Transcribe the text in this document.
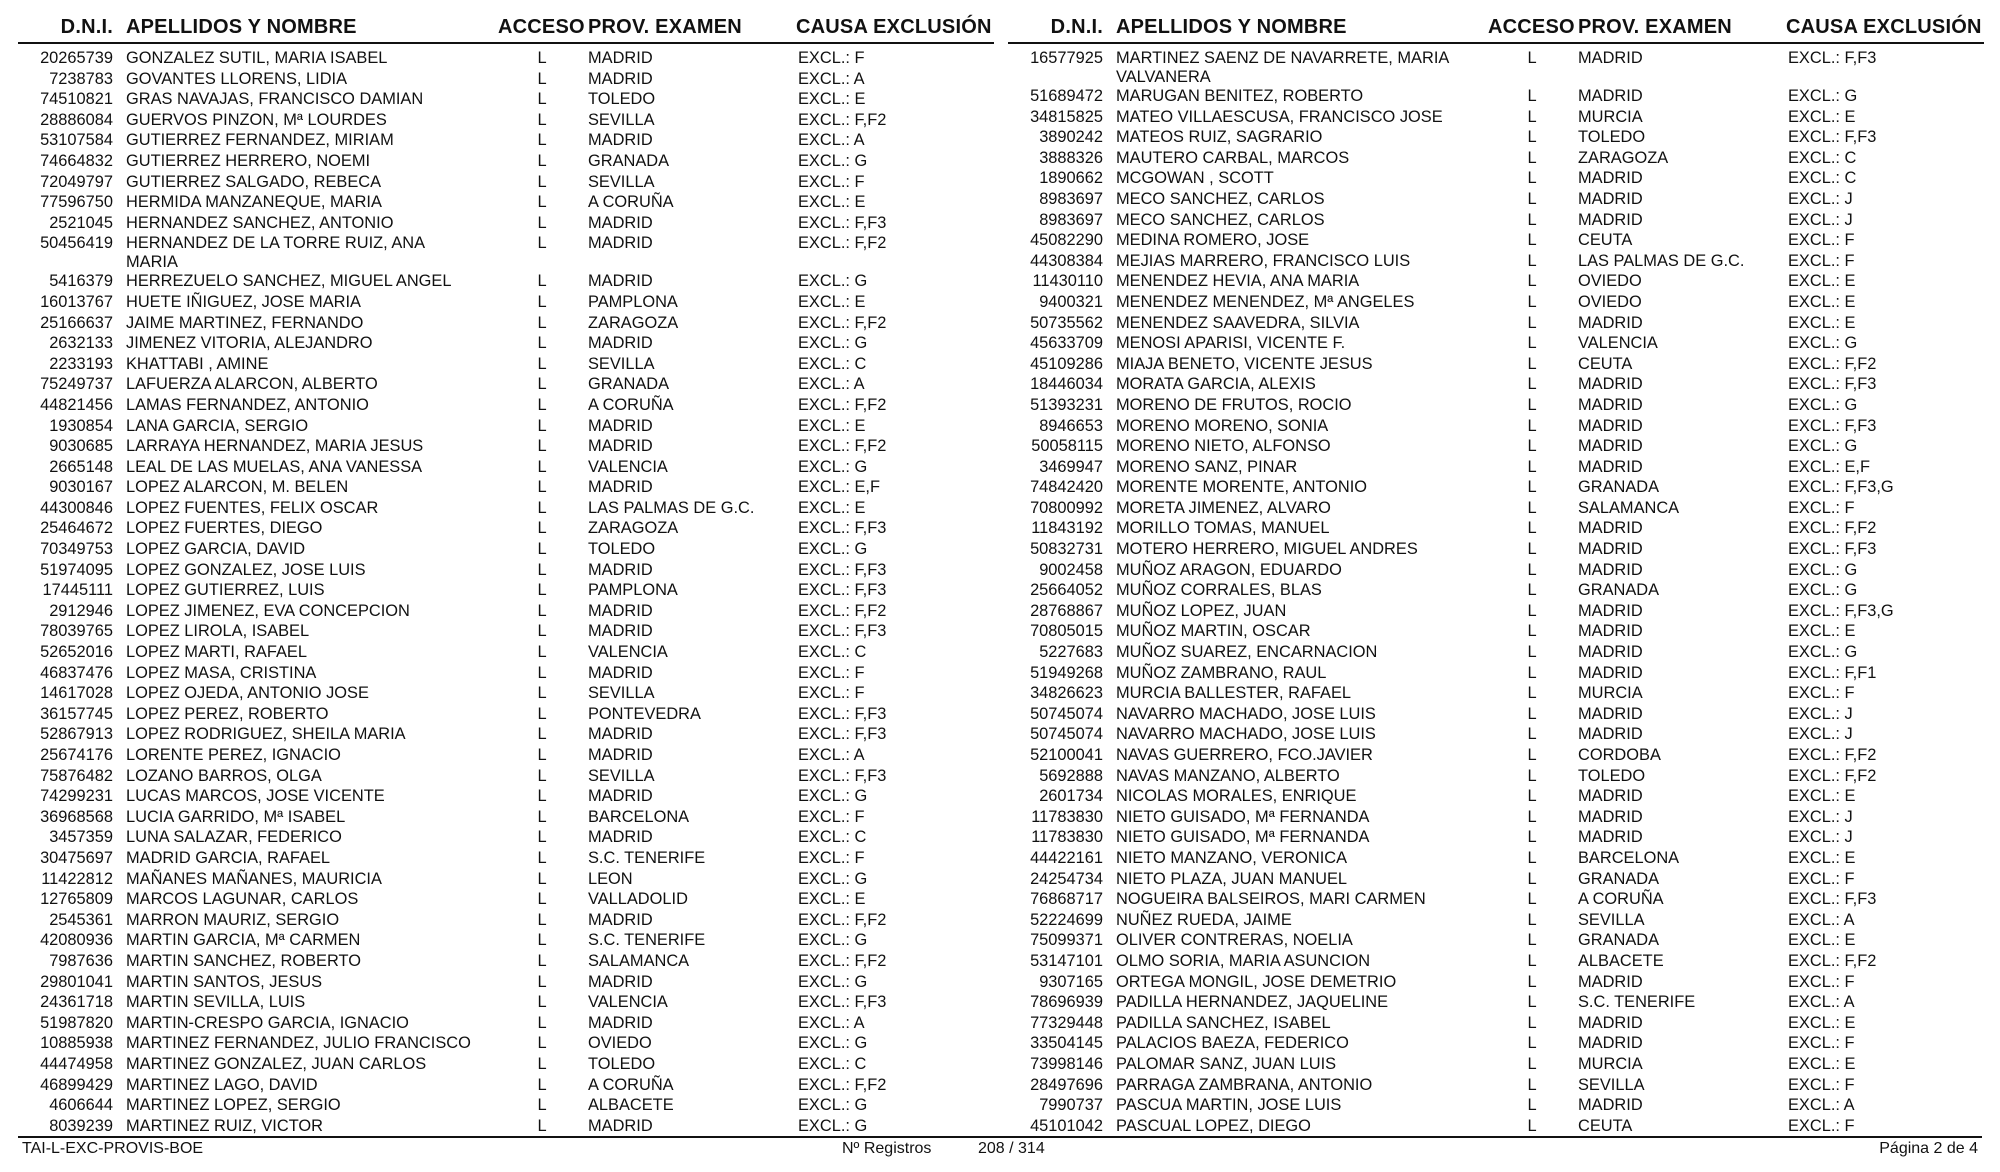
D.N.I. APELLIDOS Y NOMBRE	ACCESO PROV. EXAMEN	CAUSA EXCLUSIÓN
20265739 GONZALEZ SUTIL, MARIA ISABEL	L	MADRID	EXCL.: F
7238783 GOVANTES LLORENS, LIDIA	L	MADRID	EXCL.: A
74510821 GRAS NAVAJAS, FRANCISCO DAMIAN	L	TOLEDO	EXCL.: E
28886084 GUERVOS PINZON, Mª LOURDES	L	SEVILLA	EXCL.: F,F2
53107584 GUTIERREZ FERNANDEZ, MIRIAM	L	MADRID	EXCL.: A
74664832 GUTIERREZ HERRERO, NOEMI	L	GRANADA	EXCL.: G
72049797 GUTIERREZ SALGADO, REBECA	L	SEVILLA	EXCL.: F
77596750 HERMIDA MANZANEQUE, MARIA	L	A CORUÑA	EXCL.: E
2521045 HERNANDEZ SANCHEZ, ANTONIO	L	MADRID	EXCL.: F,F3
50456419 HERNANDEZ DE LA TORRE RUIZ, ANA MARIA
L	MADRID	EXCL.: F,F2
5416379 HERREZUELO SANCHEZ, MIGUEL ANGEL	L	MADRID	EXCL.: G
16013767 HUETE IÑIGUEZ, JOSE MARIA	L	PAMPLONA	EXCL.: E
25166637 JAIME MARTINEZ, FERNANDO	L	ZARAGOZA	EXCL.: F,F2
2632133 JIMENEZ VITORIA, ALEJANDRO	L	MADRID	EXCL.: G
2233193 KHATTABI , AMINE	L	SEVILLA	EXCL.: C
75249737 LAFUERZA ALARCON, ALBERTO	L	GRANADA	EXCL.: A
44821456 LAMAS FERNANDEZ, ANTONIO	L	A CORUÑA	EXCL.: F,F2
1930854 LANA GARCIA, SERGIO	L	MADRID	EXCL.: E
9030685 LARRAYA HERNANDEZ, MARIA JESUS	L	MADRID	EXCL.: F,F2
2665148 LEAL DE LAS MUELAS, ANA VANESSA	L	VALENCIA	EXCL.: G
9030167 LOPEZ ALARCON, M. BELEN	L	MADRID	EXCL.: E,F
44300846 LOPEZ FUENTES, FELIX OSCAR	L	LAS PALMAS DE G.C.	EXCL.: E
25464672 LOPEZ FUERTES, DIEGO	L	ZARAGOZA	EXCL.: F,F3
70349753 LOPEZ GARCIA, DAVID	L	TOLEDO	EXCL.: G
51974095 LOPEZ GONZALEZ, JOSE LUIS	L	MADRID	EXCL.: F,F3
17445111 LOPEZ GUTIERREZ, LUIS	L	PAMPLONA	EXCL.: F,F3
2912946 LOPEZ JIMENEZ, EVA CONCEPCION	L	MADRID	EXCL.: F,F2
78039765 LOPEZ LIROLA, ISABEL	L	MADRID	EXCL.: F,F3
52652016 LOPEZ MARTI, RAFAEL	L	VALENCIA	EXCL.: C
46837476 LOPEZ MASA, CRISTINA	L	MADRID	EXCL.: F
14617028 LOPEZ OJEDA, ANTONIO JOSE	L	SEVILLA	EXCL.: F
36157745 LOPEZ PEREZ, ROBERTO	L	PONTEVEDRA	EXCL.: F,F3
52867913 LOPEZ RODRIGUEZ, SHEILA MARIA	L	MADRID	EXCL.: F,F3
25674176 LORENTE PEREZ, IGNACIO	L	MADRID	EXCL.: A
75876482 LOZANO BARROS, OLGA	L	SEVILLA	EXCL.: F,F3
74299231 LUCAS MARCOS, JOSE VICENTE	L	MADRID	EXCL.: G
36968568 LUCIA GARRIDO, Mª ISABEL	L	BARCELONA	EXCL.: F
3457359 LUNA SALAZAR, FEDERICO	L	MADRID	EXCL.: C
30475697 MADRID GARCIA, RAFAEL	L	S.C. TENERIFE	EXCL.: F
11422812 MAÑANES MAÑANES, MAURICIA	L	LEON	EXCL.: G
12765809 MARCOS LAGUNAR, CARLOS	L	VALLADOLID	EXCL.: E
2545361 MARRON MAURIZ, SERGIO	L	MADRID	EXCL.: F,F2
42080936 MARTIN GARCIA, Mª CARMEN	L	S.C. TENERIFE	EXCL.: G
7987636 MARTIN SANCHEZ, ROBERTO	L	SALAMANCA	EXCL.: F,F2
29801041 MARTIN SANTOS, JESUS	L	MADRID	EXCL.: G
24361718 MARTIN SEVILLA, LUIS	L	VALENCIA	EXCL.: F,F3
51987820 MARTIN-CRESPO GARCIA, IGNACIO	L	MADRID	EXCL.: A
10885938 MARTINEZ FERNANDEZ, JULIO FRANCISCO	L	OVIEDO	EXCL.: G
44474958 MARTINEZ GONZALEZ, JUAN CARLOS	L	TOLEDO	EXCL.: C
46899429 MARTINEZ LAGO, DAVID	L	A CORUÑA	EXCL.: F,F2
4606644 MARTINEZ LOPEZ, SERGIO	L	ALBACETE	EXCL.: G
8039239 MARTINEZ RUIZ, VICTOR	L	MADRID	EXCL.: G
D.N.I. APELLIDOS Y NOMBRE	ACCESO PROV. EXAMEN	CAUSA EXCLUSIÓN
16577925 MARTINEZ SAENZ DE NAVARRETE, MARIA VALVANERA
L	MADRID	EXCL.: F,F3
51689472 MARUGAN BENITEZ, ROBERTO	L	MADRID	EXCL.: G
34815825 MATEO VILLAESCUSA, FRANCISCO JOSE	L	MURCIA	EXCL.: E
3890242 MATEOS RUIZ, SAGRARIO	L	TOLEDO	EXCL.: F,F3
3888326 MAUTERO CARBAL, MARCOS	L	ZARAGOZA	EXCL.: C
1890662 MCGOWAN , SCOTT	L	MADRID	EXCL.: C
8983697 MECO SANCHEZ, CARLOS	L	MADRID	EXCL.: J
8983697 MECO SANCHEZ, CARLOS	L	MADRID	EXCL.: J
45082290 MEDINA ROMERO, JOSE	L	CEUTA	EXCL.: F
44308384 MEJIAS MARRERO, FRANCISCO LUIS	L	LAS PALMAS DE G.C.	EXCL.: F
11430110 MENENDEZ HEVIA, ANA MARIA	L	OVIEDO	EXCL.: E
9400321 MENENDEZ MENENDEZ, Mª ANGELES	L	OVIEDO	EXCL.: E
50735562 MENENDEZ SAAVEDRA, SILVIA	L	MADRID	EXCL.: E
45633709 MENOSI APARISI, VICENTE F.	L	VALENCIA	EXCL.: G
45109286 MIAJA BENETO, VICENTE JESUS	L	CEUTA	EXCL.: F,F2
18446034 MORATA GARCIA, ALEXIS	L	MADRID	EXCL.: F,F3
51393231 MORENO DE FRUTOS, ROCIO	L	MADRID	EXCL.: G
8946653 MORENO MORENO, SONIA	L	MADRID	EXCL.: F,F3
50058115 MORENO NIETO, ALFONSO	L	MADRID	EXCL.: G
3469947 MORENO SANZ, PINAR	L	MADRID	EXCL.: E,F
74842420 MORENTE MORENTE, ANTONIO	L	GRANADA	EXCL.: F,F3,G
70800992 MORETA JIMENEZ, ALVARO	L	SALAMANCA	EXCL.: F
11843192 MORILLO TOMAS, MANUEL	L	MADRID	EXCL.: F,F2
50832731 MOTERO HERRERO, MIGUEL ANDRES	L	MADRID	EXCL.: F,F3
9002458 MUÑOZ ARAGON, EDUARDO	L	MADRID	EXCL.: G
25664052 MUÑOZ CORRALES, BLAS	L	GRANADA	EXCL.: G
28768867 MUÑOZ LOPEZ, JUAN	L	MADRID	EXCL.: F,F3,G
70805015 MUÑOZ MARTIN, OSCAR	L	MADRID	EXCL.: E
5227683 MUÑOZ SUAREZ, ENCARNACION	L	MADRID	EXCL.: G
51949268 MUÑOZ ZAMBRANO, RAUL	L	MADRID	EXCL.: F,F1
34826623 MURCIA BALLESTER, RAFAEL	L	MURCIA	EXCL.: F
50745074 NAVARRO MACHADO, JOSE LUIS	L	MADRID	EXCL.: J
50745074 NAVARRO MACHADO, JOSE LUIS	L	MADRID	EXCL.: J
52100041 NAVAS GUERRERO, FCO.JAVIER	L	CORDOBA	EXCL.: F,F2
5692888 NAVAS MANZANO, ALBERTO	L	TOLEDO	EXCL.: F,F2
2601734 NICOLAS MORALES, ENRIQUE	L	MADRID	EXCL.: E
11783830 NIETO GUISADO, Mª FERNANDA	L	MADRID	EXCL.: J
11783830 NIETO GUISADO, Mª FERNANDA	L	MADRID	EXCL.: J
44422161 NIETO MANZANO, VERONICA	L	BARCELONA	EXCL.: E
24254734 NIETO PLAZA, JUAN MANUEL	L	GRANADA	EXCL.: F
76868717 NOGUEIRA BALSEIROS, MARI CARMEN	L	A CORUÑA	EXCL.: F,F3
52224699 NUÑEZ RUEDA, JAIME	L	SEVILLA	EXCL.: A
75099371 OLIVER CONTRERAS, NOELIA	L	GRANADA	EXCL.: E
53147101 OLMO SORIA, MARIA ASUNCION	L	ALBACETE	EXCL.: F,F2
9307165 ORTEGA MONGIL, JOSE DEMETRIO	L	MADRID	EXCL.: F
78696939 PADILLA HERNANDEZ, JAQUELINE	L	S.C. TENERIFE	EXCL.: A
77329448 PADILLA SANCHEZ, ISABEL	L	MADRID	EXCL.: E
33504145 PALACIOS BAEZA, FEDERICO	L	MADRID	EXCL.: F
73998146 PALOMAR SANZ, JUAN LUIS	L	MURCIA	EXCL.: E
28497696 PARRAGA ZAMBRANA, ANTONIO	L	SEVILLA	EXCL.: F
7990737 PASCUA MARTIN, JOSE LUIS	L	MADRID	EXCL.: A
45101042 PASCUAL LOPEZ, DIEGO	L	CEUTA	EXCL.: F
TAI-L-EXC-PROVIS-BOE	Nº Registros	208 / 314	Página 2 de 4
